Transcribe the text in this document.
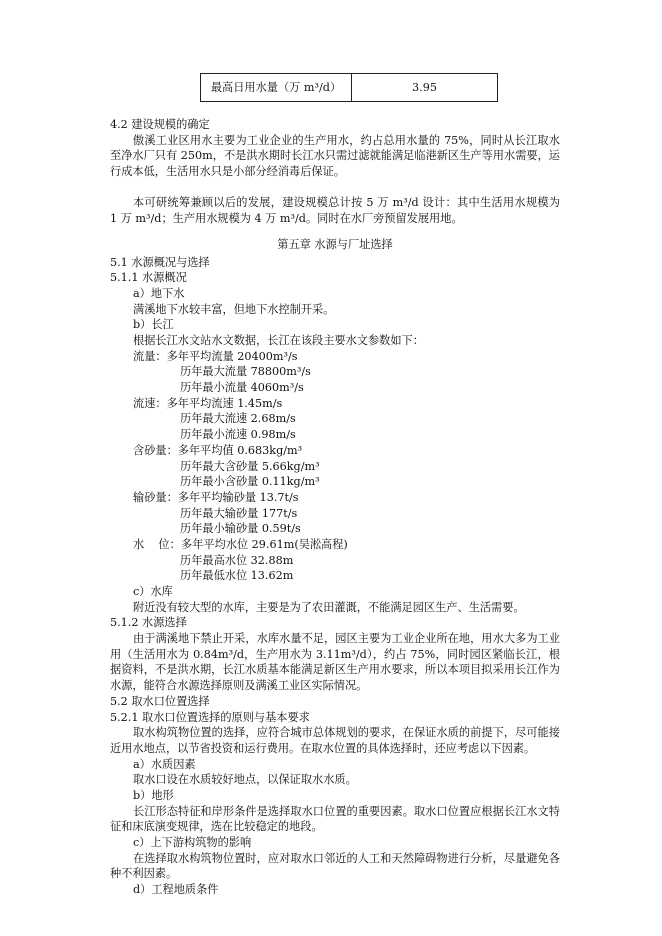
最高日用水量（万 m³/d）	3.95
4.2 建设规模的确定
傲溪工业区用水主要为工业企业的生产用水，约占总用水量的 75%，同时从长江取水至净水厂只有 250m，不是洪水期时长江水只需过滤就能满足临港新区生产等用水需要，运行成本低，生活用水只是小部分经消毒后保证。
本可研统筹兼顾以后的发展，建设规模总计按 5 万 m³/d 设计：其中生活用水规模为 1 万 m³/d；生产用水规模为 4 万 m³/d。同时在水厂旁预留发展用地。
第五章 水源与厂址选择
5.1 水源概况与选择
5.1.1 水源概况
a）地下水
满溪地下水较丰富，但地下水控制开采。
b）长江
根据长江水文站水文数据，长江在该段主要水文参数如下：
流量：多年平均流量 20400m³/s
历年最大流量 78800m³/s
历年最小流量 4060m³/s
流速：多年平均流速 1.45m/s
历年最大流速 2.68m/s
历年最小流速 0.98m/s
含砂量：多年平均值 0.683kg/m³
历年最大含砂量 5.66kg/m³
历年最小含砂量 0.11kg/m³
输砂量：多年平均输砂量 13.7t/s
历年最大输砂量 177t/s
历年最小输砂量 0.59t/s
水    位：多年平均水位 29.61m(吴淞高程)
历年最高水位 32.88m
历年最低水位 13.62m
c）水库
附近没有较大型的水库，主要是为了农田灌溉，不能满足园区生产、生活需要。
5.1.2 水源选择
由于满溪地下禁止开采，水库水量不足，园区主要为工业企业所在地，用水大多为工业用（生活用水为 0.84m³/d，生产用水为 3.11m³/d），约占 75%，同时园区紧临长江，根据资料，不是洪水期，长江水质基本能满足新区生产用水要求，所以本项目拟采用长江作为水源，能符合水源选择原则及满溪工业区实际情况。
5.2 取水口位置选择
5.2.1 取水口位置选择的原则与基本要求
取水构筑物位置的选择，应符合城市总体规划的要求，在保证水质的前提下，尽可能接近用水地点，以节省投资和运行费用。在取水位置的具体选择时，还应考虑以下因素。
a）水质因素
取水口设在水质较好地点，以保证取水水质。
b）地形
长江形态特征和岸形条件是选择取水口位置的重要因素。取水口位置应根据长江水文特征和床底演变规律，选在比较稳定的地段。
c）上下游构筑物的影响
在选择取水构筑物位置时，应对取水口邻近的人工和天然障碍物进行分析，尽量避免各种不利因素。
d）工程地质条件
